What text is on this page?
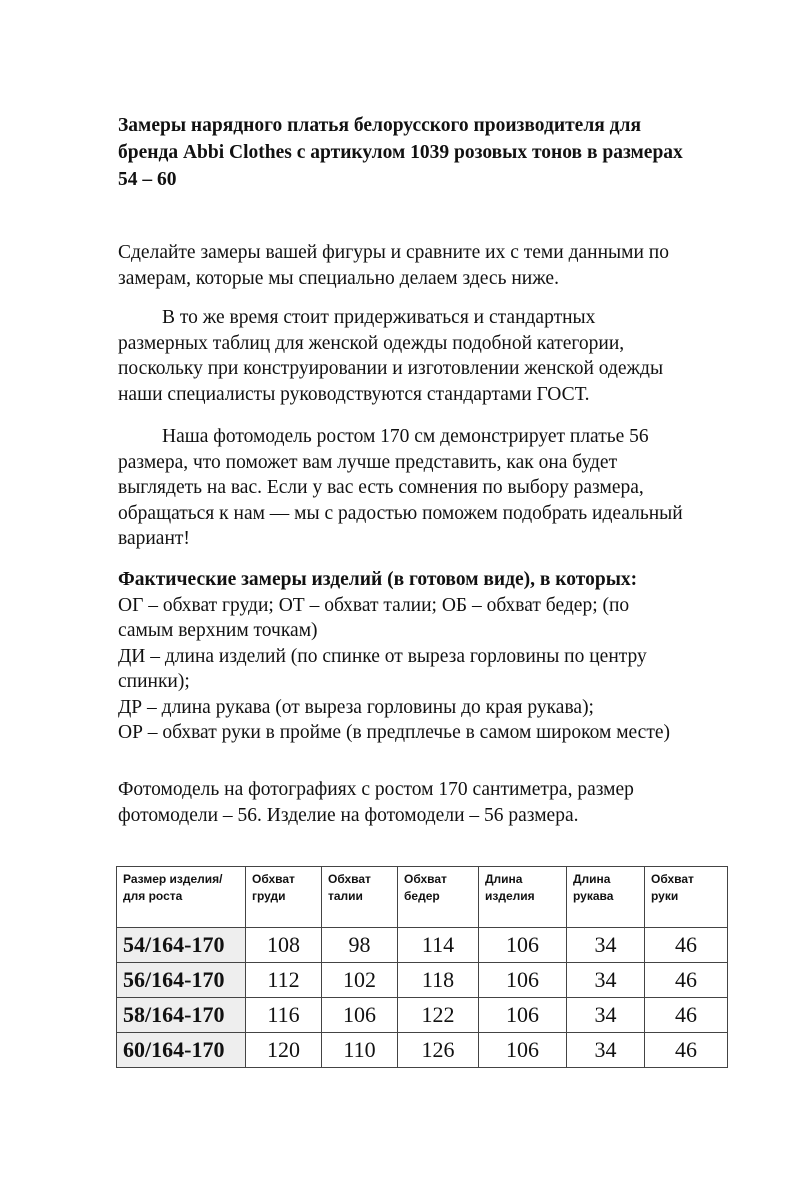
Замеры нарядного платья белорусского производителя для
бренда Abbi Clothes с артикулом 1039 розовых тонов в размерах
54 – 60

Сделайте замеры вашей фигуры и сравните их с теми данными по
замерам, которые мы специально делаем здесь ниже.

В то же время стоит придерживаться и стандартных
размерных таблиц для женской одежды подобной категории,
поскольку при конструировании и изготовлении женской одежды
наши специалисты руководствуются стандартами ГОСТ.

Наша фотомодель ростом 170 см демонстрирует платье 56
размера, что поможет вам лучше представить, как она будет
выглядеть на вас. Если у вас есть сомнения по выбору размера,
обращаться к нам — мы с радостью поможем подобрать идеальный
вариант!

Фактические замеры изделий (в готовом виде), в которых:
ОГ – обхват груди; ОТ – обхват талии; ОБ – обхват бедер; (по
самым верхним точкам)
ДИ – длина изделий (по спинке от выреза горловины по центру
спинки);
ДР – длина рукава (от выреза горловины до края рукава);
ОР – обхват руки в пройме (в предплечье в самом широком месте)

Фотомодель на фотографиях с ростом 170 сантиметра, размер
фотомодели – 56. Изделие на фотомодели – 56 размера.

Размер изделия/для роста	Обхват груди	Обхват талии	Обхват бедер	Длина изделия	Длина рукава	Обхват руки
54/164-170	108	98	114	106	34	46
56/164-170	112	102	118	106	34	46
58/164-170	116	106	122	106	34	46
60/164-170	120	110	126	106	34	46
